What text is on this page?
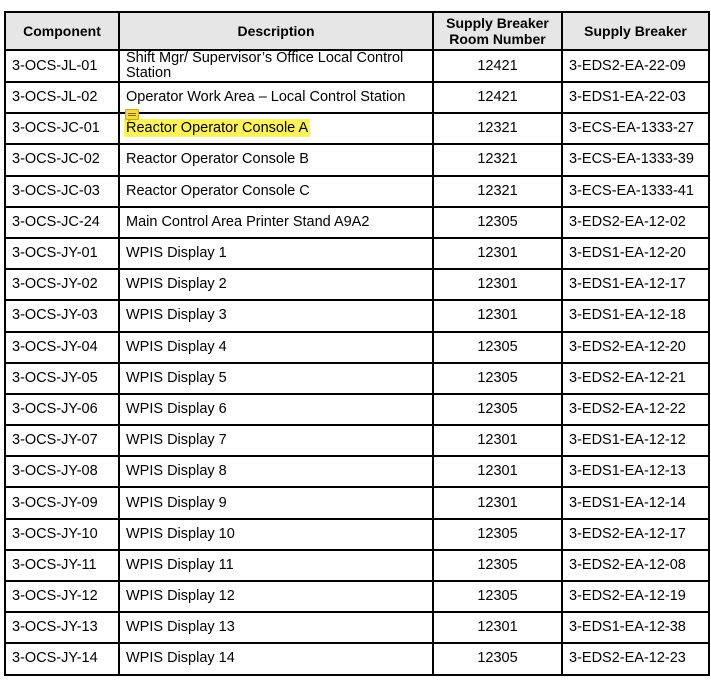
Component	Description	Supply Breaker Room Number	Supply Breaker
3-OCS-JL-01	Shift Mgr/ Supervisor’s Office Local Control Station	12421	3-EDS2-EA-22-09
3-OCS-JL-02	Operator Work Area – Local Control Station	12421	3-EDS1-EA-22-03
3-OCS-JC-01	Reactor Operator Console A	12321	3-ECS-EA-1333-27
3-OCS-JC-02	Reactor Operator Console B	12321	3-ECS-EA-1333-39
3-OCS-JC-03	Reactor Operator Console C	12321	3-ECS-EA-1333-41
3-OCS-JC-24	Main Control Area Printer Stand A9A2	12305	3-EDS2-EA-12-02
3-OCS-JY-01	WPIS Display 1	12301	3-EDS1-EA-12-20
3-OCS-JY-02	WPIS Display 2	12301	3-EDS1-EA-12-17
3-OCS-JY-03	WPIS Display 3	12301	3-EDS1-EA-12-18
3-OCS-JY-04	WPIS Display 4	12305	3-EDS2-EA-12-20
3-OCS-JY-05	WPIS Display 5	12305	3-EDS2-EA-12-21
3-OCS-JY-06	WPIS Display 6	12305	3-EDS2-EA-12-22
3-OCS-JY-07	WPIS Display 7	12301	3-EDS1-EA-12-12
3-OCS-JY-08	WPIS Display 8	12301	3-EDS1-EA-12-13
3-OCS-JY-09	WPIS Display 9	12301	3-EDS1-EA-12-14
3-OCS-JY-10	WPIS Display 10	12305	3-EDS2-EA-12-17
3-OCS-JY-11	WPIS Display 11	12305	3-EDS2-EA-12-08
3-OCS-JY-12	WPIS Display 12	12305	3-EDS2-EA-12-19
3-OCS-JY-13	WPIS Display 13	12301	3-EDS1-EA-12-38
3-OCS-JY-14	WPIS Display 14	12305	3-EDS2-EA-12-23
